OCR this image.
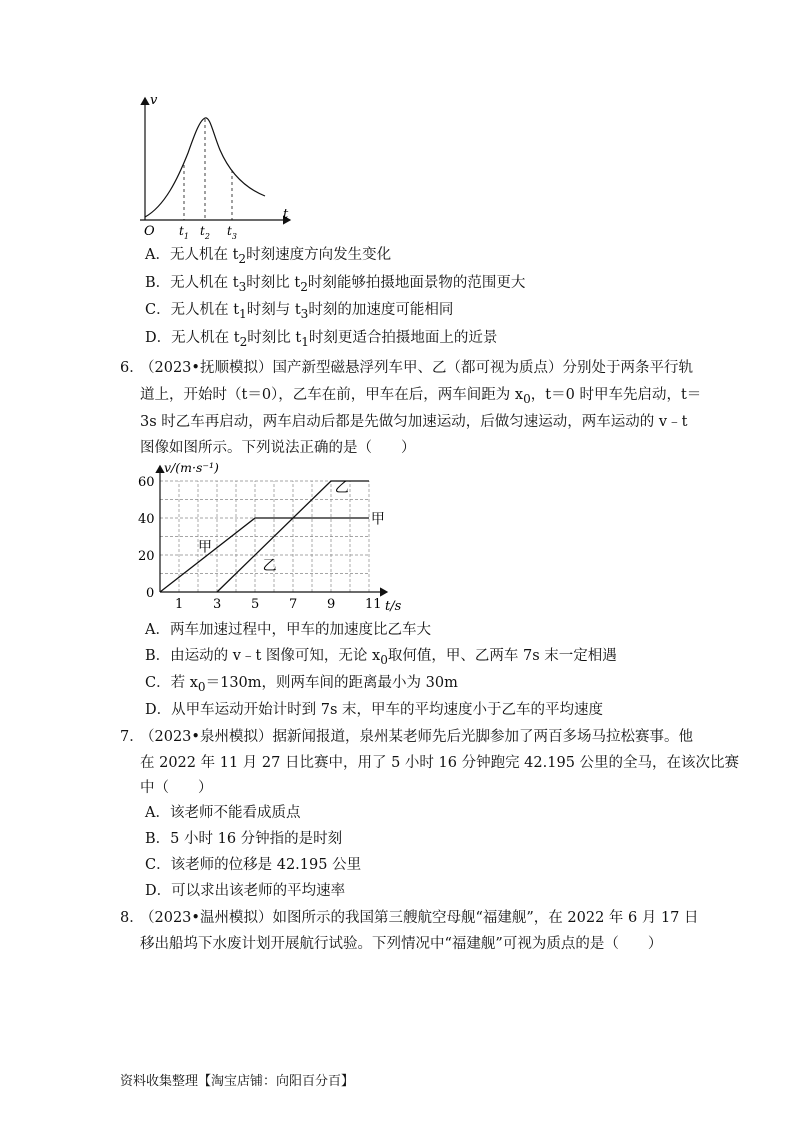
v
t
O $t_1$ $t_2$ $t_3$
A．无人机在 $t_2$时刻速度方向发生变化
B．无人机在 $t_3$时刻比 $t_2$时刻能够拍摄地面景物的范围更大
C．无人机在 $t_1$时刻与 $t_3$时刻的加速度可能相同
D．无人机在 $t_2$时刻比 $t_1$时刻更适合拍摄地面上的近景
6．
（2023•抚顺模拟）国产新型磁悬浮列车甲、乙（都可视为质点）分别处于两条平行轨
道上，开始时（t＝0），乙车在前，甲车在后，两车间距为 $x_0$，t＝0 时甲车先启动，t＝
3s 时乙车再启动，两车启动后都是先做匀加速运动，后做匀速运动，两车运动的 v﹣t
图像如图所示。下列说法正确的是（　　）
1 3 5 7 9 11
0
20
40
60
v/(m·s⁻¹)
t/s
甲
乙
甲
乙
A．两车加速过程中，甲车的加速度比乙车大
B．由运动的 v﹣t 图像可知，无论 $x_0$取何值，甲、乙两车 7s 末一定相遇
C．若 $x_0=130m$，则两车间的距离最小为 30m
D．从甲车运动开始计时到 7s 末，甲车的平均速度小于乙车的平均速度
7．
（2023•泉州模拟）据新闻报道，泉州某老师先后光脚参加了两百多场马拉松赛事。他
在 2022 年 11 月 27 日比赛中，用了 5 小时 16 分钟跑完 42.195 公里的全马，在该次比赛
中（　　）
A．该老师不能看成质点
B．5 小时 16 分钟指的是时刻
C．该老师的位移是 42.195 公里
D．可以求出该老师的平均速率
8．
（2023•温州模拟）如图所示的我国第三艘航空母舰“福建舰”，在 2022 年 6 月 17 日
移出船坞下水废计划开展航行试验。下列情况中“福建舰”可视为质点的是（　　）
资料收集整理【淘宝店铺：向阳百分百】
